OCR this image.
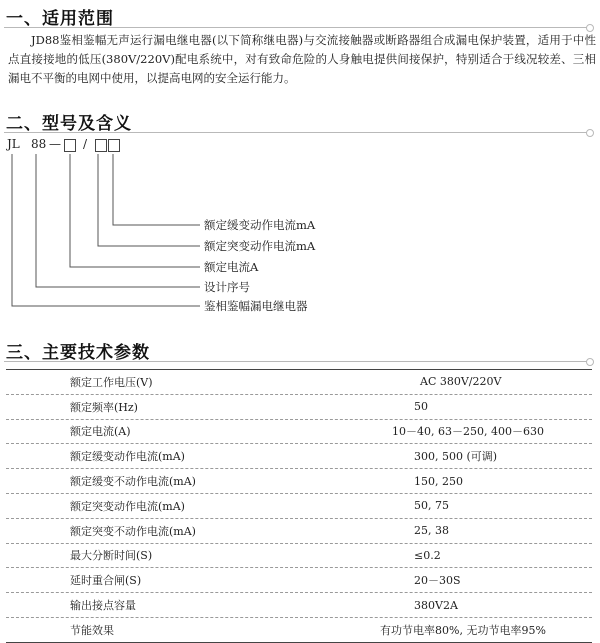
一、适用范围
JD88鉴相鉴幅无声运行漏电继电器(以下简称继电器)与交流接触器或断路器组合成漏电保护装置，适用于中性点直接接地的低压(380V/220V)配电系统中，对有致命危险的人身触电提供间接保护，特别适合于线况较差、三相漏电不平衡的电网中使用，以提高电网的安全运行能力。
二、型号及含义
JL 88 — /
额定缓变动作电流mA
额定突变动作电流mA
额定电流A
设计序号
鉴相鉴幅漏电继电器
三、主要技术参数
额定工作电压(V)	AC 380V/220V
额定频率(Hz)	50
额定电流(A)	10－40, 63－250, 400－630
额定缓变动作电流(mA)	300, 500 (可调)
额定缓变不动作电流(mA)	150, 250
额定突变动作电流(mA)	50, 75
额定突变不动作电流(mA)	25, 38
最大分断时间(S)	≤0.2
延时重合闸(S)	20－30S
输出接点容量	380V2A
节能效果	有功节电率80%, 无功节电率95%
